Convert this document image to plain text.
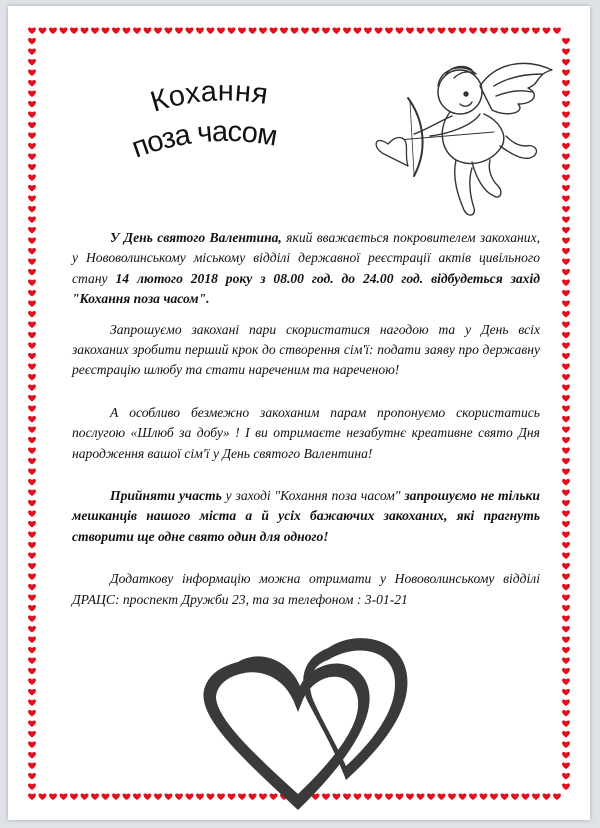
Кохання
поза часом

У День святого Валентина, який вважається покровителем закоханих, у Нововолинському міському відділі державної реєстрації актів цивільного стану 14 лютого 2018 року з 08.00 год. до 24.00 год. відбудеться захід "Кохання поза часом".

Запрошуємо закохані пари скористатися нагодою та у День всіх закоханих зробити перший крок до створення сім'ї: подати заяву про державну реєстрацію шлюбу та стати нареченим та нареченою!

А особливо безмежно закоханим парам пропонуємо скористатись послугою «Шлюб за добу» ! І ви отримаєте незабутнє креативне свято Дня народження вашої сім'ї у День святого Валентина!

Прийняти участь у заході "Кохання поза часом" запрошуємо не тільки мешканців нашого міста а й усіх бажаючих закоханих, які прагнуть створити ще одне свято один для одного!

Додаткову інформацію можна отримати у Нововолинському відділі ДРАЦС: проспект Дружби 23, та за телефоном : 3-01-21
